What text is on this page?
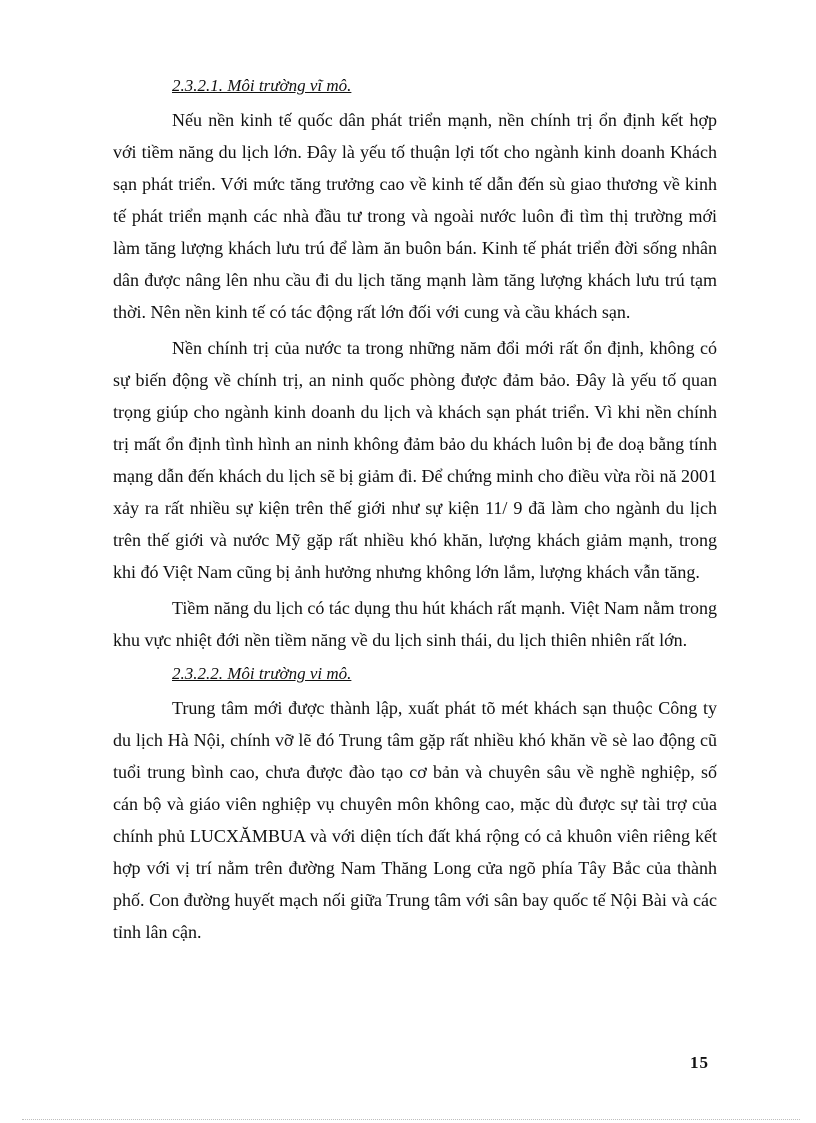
2.3.2.1. Môi trường vĩ mô.

Nếu nền kinh tế quốc dân phát triển mạnh, nền chính trị ổn định kết hợp với tiềm năng du lịch lớn. Đây là yếu tố thuận lợi tốt cho ngành kinh doanh Khách sạn phát triển. Với mức tăng trưởng cao về kinh tế dẫn đến sù giao thương về kinh tế phát triển mạnh các nhà đầu tư trong và ngoài nước luôn đi tìm thị trường mới làm tăng lượng khách lưu trú để làm ăn buôn bán. Kinh tế phát triển đời sống nhân dân được nâng lên nhu cầu đi du lịch tăng mạnh làm tăng lượng khách lưu trú tạm thời. Nên nền kinh tế có tác động rất lớn đối với cung và cầu khách sạn.

Nền chính trị của nước ta trong những năm đổi mới rất ổn định, không có sự biến động về chính trị, an ninh quốc phòng được đảm bảo. Đây là yếu tố quan trọng giúp cho ngành kinh doanh du lịch và khách sạn phát triển. Vì khi nền chính trị mất ổn định tình hình an ninh không đảm bảo du khách luôn bị đe doạ bằng tính mạng dẫn đến khách du lịch sẽ bị giảm đi. Để chứng minh cho điều vừa rồi nă 2001 xảy ra rất nhiều sự kiện trên thế giới như sự kiện 11/ 9 đã làm cho ngành du lịch trên thế giới và nước Mỹ gặp rất nhiều khó khăn, lượng khách giảm mạnh, trong khi đó Việt Nam cũng bị ảnh hưởng nhưng không lớn lắm, lượng khách vẫn tăng.

Tiềm năng du lịch có tác dụng thu hút khách rất mạnh. Việt Nam nằm trong khu vực nhiệt đới nền tiềm năng về du lịch sinh thái, du lịch thiên nhiên rất lớn.

2.3.2.2. Môi trường vi mô.

Trung tâm mới được thành lập, xuất phát tõ mét khách sạn thuộc Công ty du lịch Hà Nội, chính vỡ lẽ đó Trung tâm gặp rất nhiều khó khăn về sè lao động cũ tuổi trung bình cao, chưa được đào tạo cơ bản và chuyên sâu về nghề nghiệp, số cán bộ và giáo viên nghiệp vụ chuyên môn không cao, mặc dù được sự tài trợ của chính phủ LUCXĂMBUA và với diện tích đất khá rộng có cả khuôn viên riêng kết hợp với vị trí nằm trên đường Nam Thăng Long cửa ngõ phía Tây Bắc của thành phố. Con đường huyết mạch nối giữa Trung tâm với sân bay quốc tế Nội Bài và các tỉnh lân cận.

15
